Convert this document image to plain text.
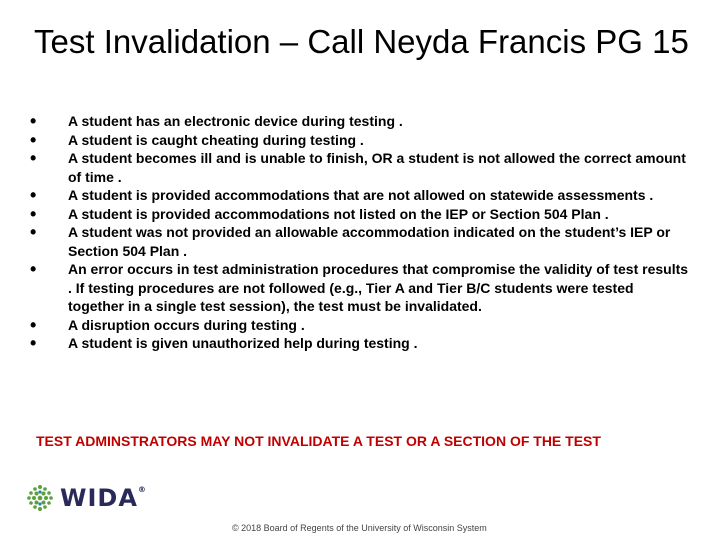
Test Invalidation – Call Neyda Francis PG 15
• A student has an electronic device during testing .
• A student is caught cheating during testing .
• A student becomes ill and is unable to finish, OR a student is not allowed the correct amount of time .
• A student is provided accommodations that are not allowed on statewide assessments .
• A student is provided accommodations not listed on the IEP or Section 504 Plan .
• A student was not provided an allowable accommodation indicated on the student’s IEP or Section 504 Plan .
• An error occurs in test administration procedures that compromise the validity of test results . If testing procedures are not followed (e.g., Tier A and Tier B/C students were tested together in a single test session), the test must be invalidated.
• A disruption occurs during testing .
• A student is given unauthorized help during testing .

TEST ADMINSTRATORS MAY NOT INVALIDATE A TEST OR A SECTION OF THE TEST

WIDA®
© 2018 Board of Regents of the University of Wisconsin System
